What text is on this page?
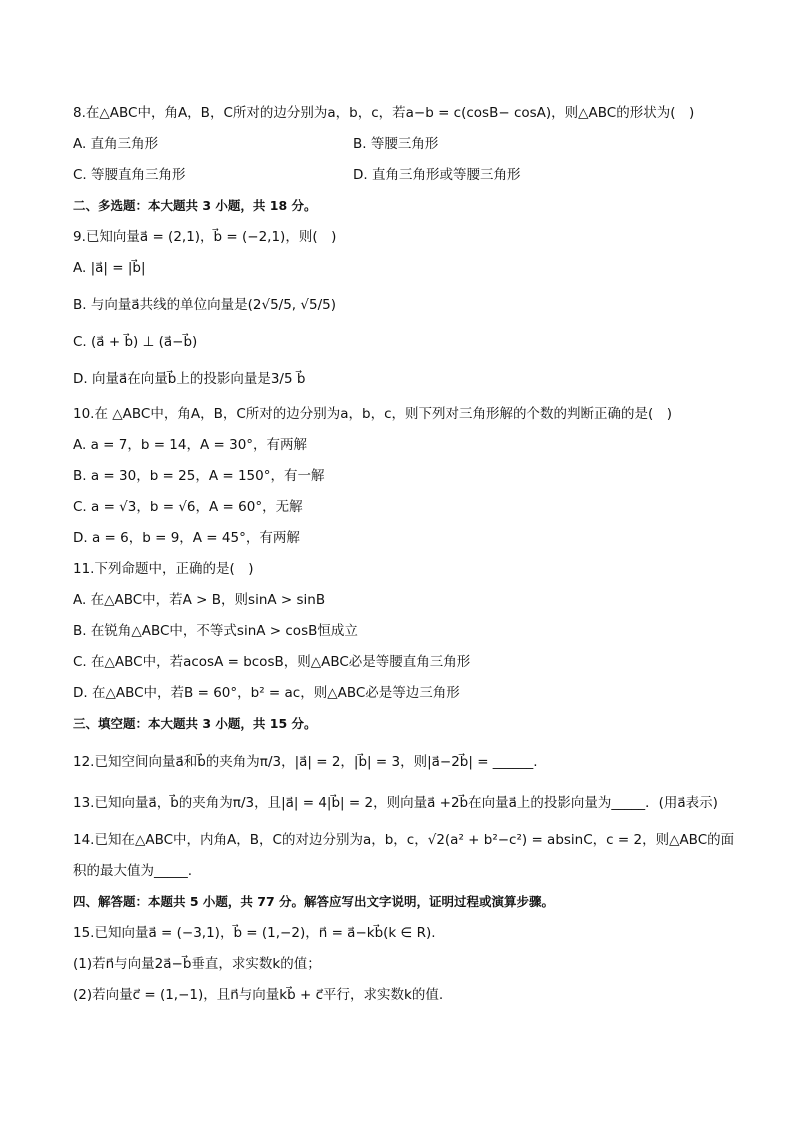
8.在△ABC中，角A，B，C所对的边分别为a，b，c，若a−b = c(cosB− cosA)，则△ABC的形状为(　)
A. 直角三角形	B. 等腰三角形
C. 等腰直角三角形	D. 直角三角形或等腰三角形
二、多选题：本大题共 3 小题，共 18 分。
9.已知向量a⃗ = (2,1)，b⃗ = (−2,1)，则(　)
A. |a⃗| = |b⃗|
B. 与向量a⃗共线的单位向量是(2√5/5, √5/5)
C. (a⃗ + b⃗) ⊥ (a⃗−b⃗)
D. 向量a⃗在向量b⃗上的投影向量是3/5 b⃗
10.在 △ABC中，角A，B，C所对的边分别为a，b，c，则下列对三角形解的个数的判断正确的是(　)
A. a = 7，b = 14，A = 30°，有两解
B. a = 30，b = 25，A = 150°，有一解
C. a = √3，b = √6，A = 60°，无解
D. a = 6，b = 9，A = 45°，有两解
11.下列命题中，正确的是(　)
A. 在△ABC中，若A > B，则sinA > sinB
B. 在锐角△ABC中，不等式sinA > cosB恒成立
C. 在△ABC中，若acosA = bcosB，则△ABC必是等腰直角三角形
D. 在△ABC中，若B = 60°，b² = ac，则△ABC必是等边三角形
三、填空题：本大题共 3 小题，共 15 分。
12.已知空间向量a⃗和b⃗的夹角为π/3，|a⃗| = 2，|b⃗| = 3，则|a⃗−2b⃗| = ______.
13.已知向量a⃗，b⃗的夹角为π/3，且|a⃗| = 4|b⃗| = 2，则向量a⃗ +2b⃗在向量a⃗上的投影向量为_____．(用a⃗表示)
14.已知在△ABC中，内角A，B，C的对边分别为a，b，c，√2(a² + b²−c²) = absinC，c = 2，则△ABC的面
积的最大值为_____.
四、解答题：本题共 5 小题，共 77 分。解答应写出文字说明，证明过程或演算步骤。
15.已知向量a⃗ = (−3,1)，b⃗ = (1,−2)，n⃗ = a⃗−kb⃗(k ∈ R).
(1)若n⃗与向量2a⃗−b⃗垂直，求实数k的值；
(2)若向量c⃗ = (1,−1)，且n⃗与向量kb⃗ + c⃗平行，求实数k的值.
